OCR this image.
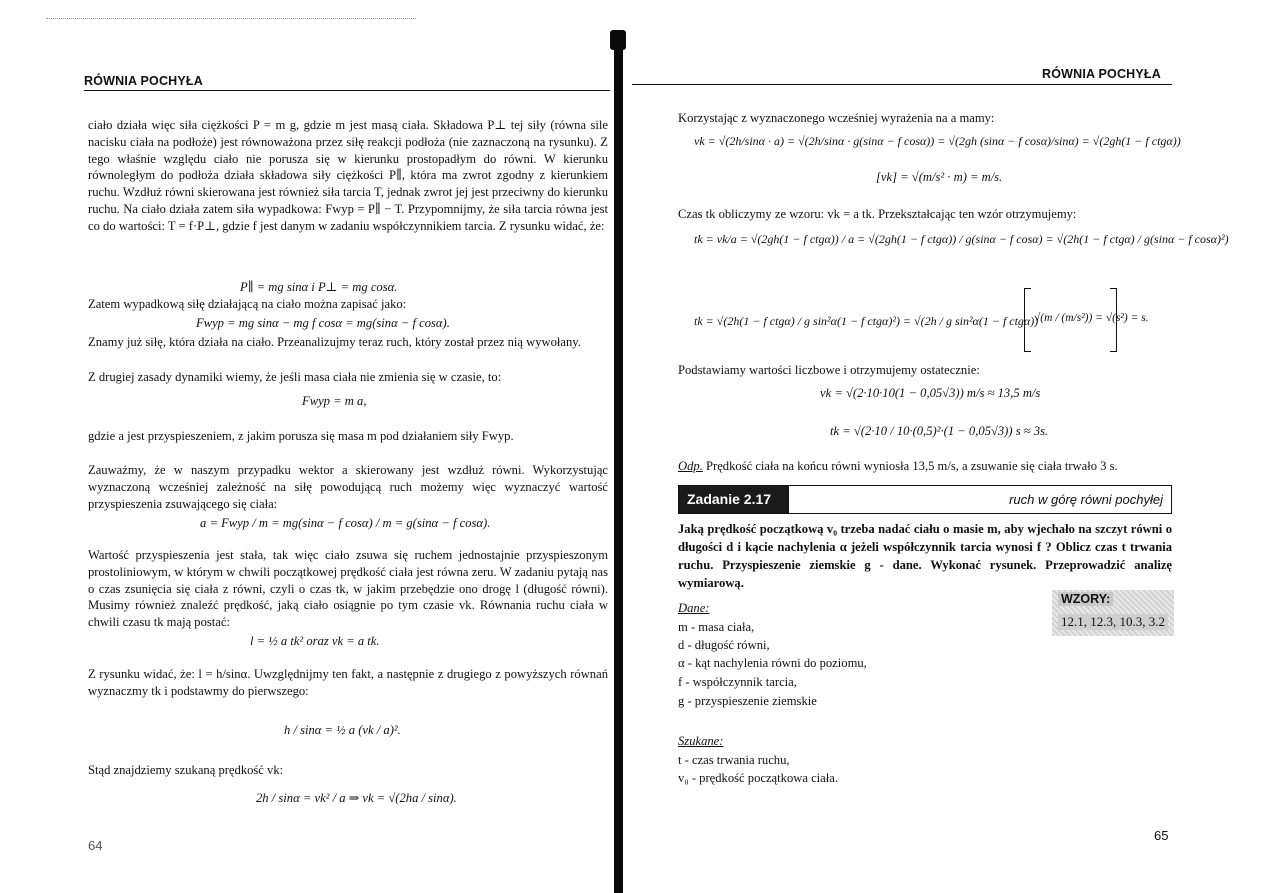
RÓWNIA POCHYŁA

ciało działa więc siła ciężkości P = m g, gdzie m jest masą ciała. Składowa P⊥ tej siły (równa sile nacisku ciała na podłoże) jest równoważona przez siłę reakcji podłoża (nie zaznaczoną na rysunku). Z tego właśnie względu ciało nie porusza się w kierunku prostopadłym do równi. W kierunku równoległym do podłoża działa składowa siły ciężkości P∥, która ma zwrot zgodny z kierunkiem ruchu. Wzdłuż równi skierowana jest również siła tarcia T, jednak zwrot jej jest przeciwny do kierunku ruchu. Na ciało działa zatem siła wypadkowa: Fwyp = P∥ − T. Przypomnijmy, że siła tarcia równa jest co do wartości: T = f·P⊥, gdzie f jest danym w zadaniu współczynnikiem tarcia. Z rysunku widać, że:

P∥ = mg sinα i P⊥ = mg cosα.

Zatem wypadkową siłę działającą na ciało można zapisać jako:

Fwyp = mg sinα − mg f cosα = mg(sinα − f cosα).

Znamy już siłę, która działa na ciało. Przeanalizujmy teraz ruch, który został przez nią wywołany.

Z drugiej zasady dynamiki wiemy, że jeśli masa ciała nie zmienia się w czasie, to:

Fwyp = m a,

gdzie a jest przyspieszeniem, z jakim porusza się masa m pod działaniem siły Fwyp.

Zauważmy, że w naszym przypadku wektor a skierowany jest wzdłuż równi. Wykorzystując wyznaczoną wcześniej zależność na siłę powodującą ruch możemy więc wyznaczyć wartość przyspieszenia zsuwającego się ciała:

a = Fwyp / m = mg(sinα − f cosα) / m = g(sinα − f cosα).

Wartość przyspieszenia jest stała, tak więc ciało zsuwa się ruchem jednostajnie przyspieszonym prostoliniowym, w którym w chwili początkowej prędkość ciała jest równa zeru. W zadaniu pytają nas o czas zsunięcia się ciała z równi, czyli o czas tk, w jakim przebędzie ono drogę l (długość równi). Musimy również znaleźć prędkość, jaką ciało osiągnie po tym czasie vk. Równania ruchu ciała w chwili czasu tk mają postać:

l = ½ a tk² oraz vk = a tk.

Z rysunku widać, że: l = h/sinα. Uwzględnijmy ten fakt, a następnie z drugiego z powyższych równań wyznaczmy tk i podstawmy do pierwszego:

h / sinα = ½ a (vk / a)².

Stąd znajdziemy szukaną prędkość vk:

2h / sinα = vk² / a ⇒ vk = √(2ha / sinα).
64
RÓWNIA POCHYŁA

Korzystając z wyznaczonego wcześniej wyrażenia na a mamy:

vk = √(2h/sinα · a) = √(2h/sinα · g(sinα − f cosα)) = √(2gh (sinα − f cosα)/sinα) = √(2gh(1 − f ctgα))
[vk] = √(m/s² · m) = m/s.

Czas tk obliczymy ze wzoru: vk = a tk. Przekształcając ten wzór otrzymujemy:

tk = vk/a = √(2gh(1 − f ctgα)) / a = √(2gh(1 − f ctgα)) / g(sinα − f cosα) = √(2h(1 − f ctgα) / g(sinα − f cosα)²)
tk = √(2h(1 − f ctgα) / g sin²α(1 − f ctgα)²) = √(2h / g sin²α(1 − f ctgα))
√(m / (m/s²)) = √(s²) = s.

Podstawiamy wartości liczbowe i otrzymujemy ostatecznie:

vk = √(2·10·10(1 − 0,05√3)) m/s ≈ 13,5 m/s
tk = √(2·10 / 10·(0,5)²·(1 − 0,05√3)) s ≈ 3s.
Odp. Prędkość ciała na końcu równi wyniosła 13,5 m/s, a zsuwanie się ciała trwało 3 s.
Zadanie 2.17	ruch w górę równi pochyłej

Jaką prędkość początkową v₀ trzeba nadać ciału o masie m, aby wjechało na szczyt równi o długości d i kącie nachylenia α jeżeli współczynnik tarcia wynosi f ? Oblicz czas t trwania ruchu. Przyspieszenie ziemskie g - dane. Wykonać rysunek. Przeprowadzić analizę wymiarową.

WZORY:
12.1, 12.3, 10.3, 3.2
Dane:
m - masa ciała,
d - długość równi,
α - kąt nachylenia równi do poziomu,
f - współczynnik tarcia,
g - przyspieszenie ziemskie
Szukane:
t - czas trwania ruchu,
v₀ - prędkość początkowa ciała.
65
